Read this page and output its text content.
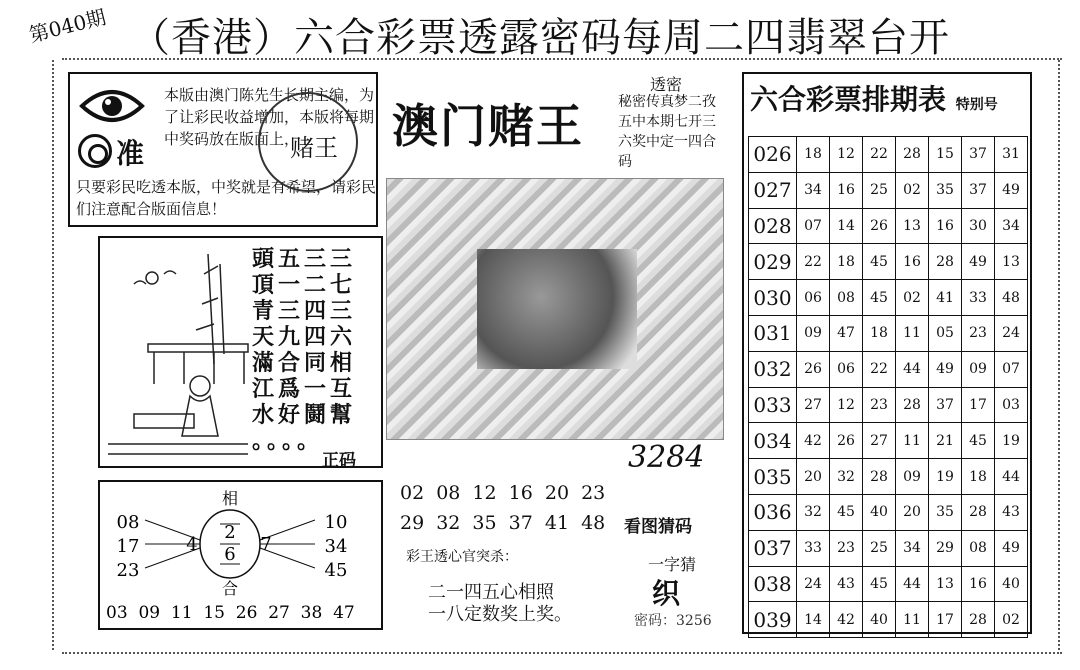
第040期 （香港）六合彩票透露密码每周二四翡翠台开
准
本版由澳门陈先生长期主编，为了让彩民收益增加，本版将每期中奖码放在版面上，
只要彩民吃透本版，中奖就是有希望，请彩民们注意配合版面信息！
赌王
頭五三三
頂一二七
青三四三
天九四六
滿合同相
江爲一互
水好鬪幫
。。。。
正码
澳门赌王
透密
秘密传真梦二孜五中本期七开三六奖中定一四合码
六合彩票排期表 特别号
026	18	12	22	28	15	37	31
027	34	16	25	02	35	37	49
028	07	14	26	13	16	30	34
029	22	18	45	16	28	49	13
030	06	08	45	02	41	33	48
031	09	47	18	11	05	23	24
032	26	06	22	44	49	09	07
033	27	12	23	28	37	17	03
034	42	26	27	11	21	45	19
035	20	32	28	09	19	18	44
036	32	45	40	20	35	28	43
037	33	23	25	34	29	08	49
038	24	43	45	44	13	16	40
039	14	42	40	11	17	28	02
相
合
2
6
4	7
08
17
23
10
34
45
03  09  11  15  26  27  38  47
02 08 12 16 20 23
29 32 35 37 41 48
彩王透心官突杀：
二一四五心相照
一八定数奖上奖。
3284
看图猜码
一字猜
织
密码：3256
